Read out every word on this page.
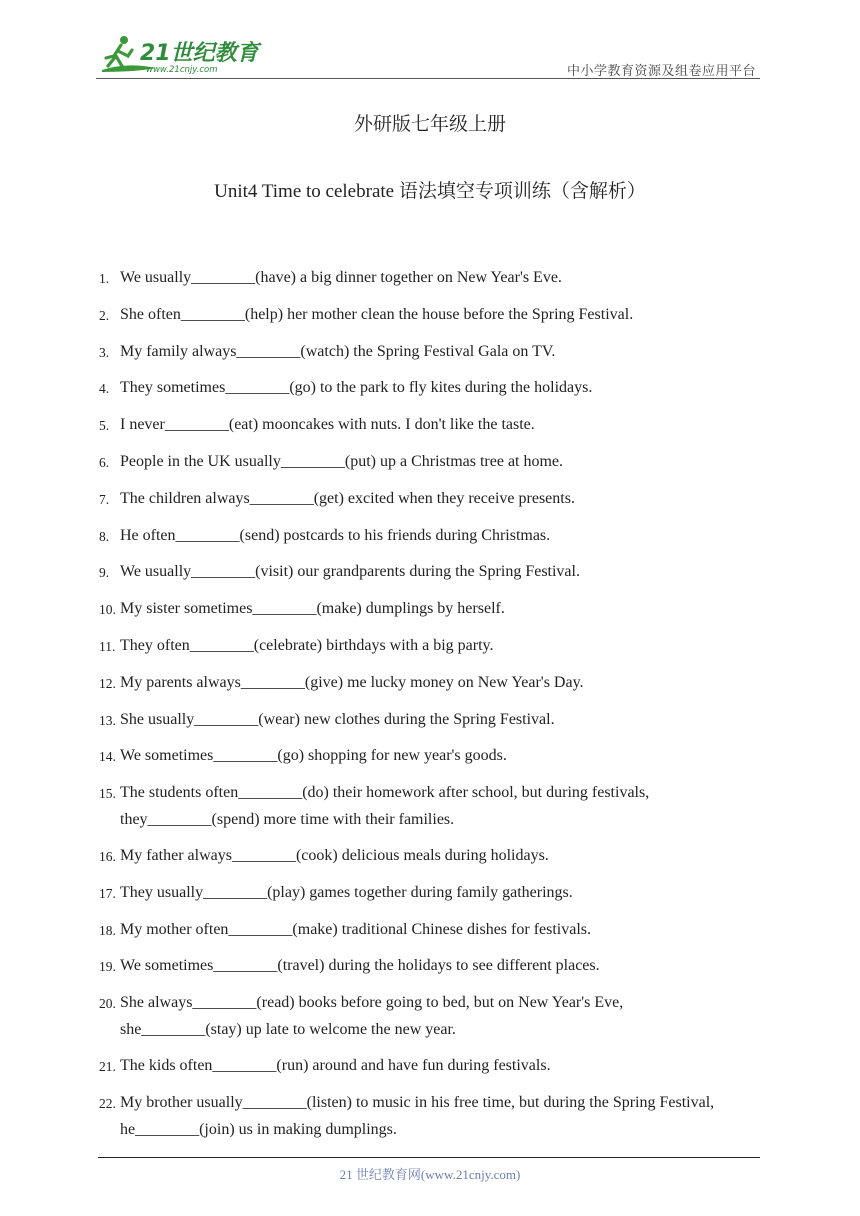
21世纪教育
www.21cnjy.com	中小学教育资源及组卷应用平台
外研版七年级上册
Unit4 Time to celebrate 语法填空专项训练（含解析）
1. We usually________(have) a big dinner together on New Year's Eve.
2. She often________(help) her mother clean the house before the Spring Festival.
3. My family always________(watch) the Spring Festival Gala on TV.
4. They sometimes________(go) to the park to fly kites during the holidays.
5. I never________(eat) mooncakes with nuts. I don't like the taste.
6. People in the UK usually________(put) up a Christmas tree at home.
7. The children always________(get) excited when they receive presents.
8. He often________(send) postcards to his friends during Christmas.
9. We usually________(visit) our grandparents during the Spring Festival.
10. My sister sometimes________(make) dumplings by herself.
11. They often________(celebrate) birthdays with a big party.
12. My parents always________(give) me lucky money on New Year's Day.
13. She usually________(wear) new clothes during the Spring Festival.
14. We sometimes________(go) shopping for new year's goods.
15. The students often________(do) their homework after school, but during festivals,
they________(spend) more time with their families.
16. My father always________(cook) delicious meals during holidays.
17. They usually________(play) games together during family gatherings.
18. My mother often________(make) traditional Chinese dishes for festivals.
19. We sometimes________(travel) during the holidays to see different places.
20. She always________(read) books before going to bed, but on New Year's Eve,
she________(stay) up late to welcome the new year.
21. The kids often________(run) around and have fun during festivals.
22. My brother usually________(listen) to music in his free time, but during the Spring Festival,
he________(join) us in making dumplings.
21 世纪教育网(www.21cnjy.com)
